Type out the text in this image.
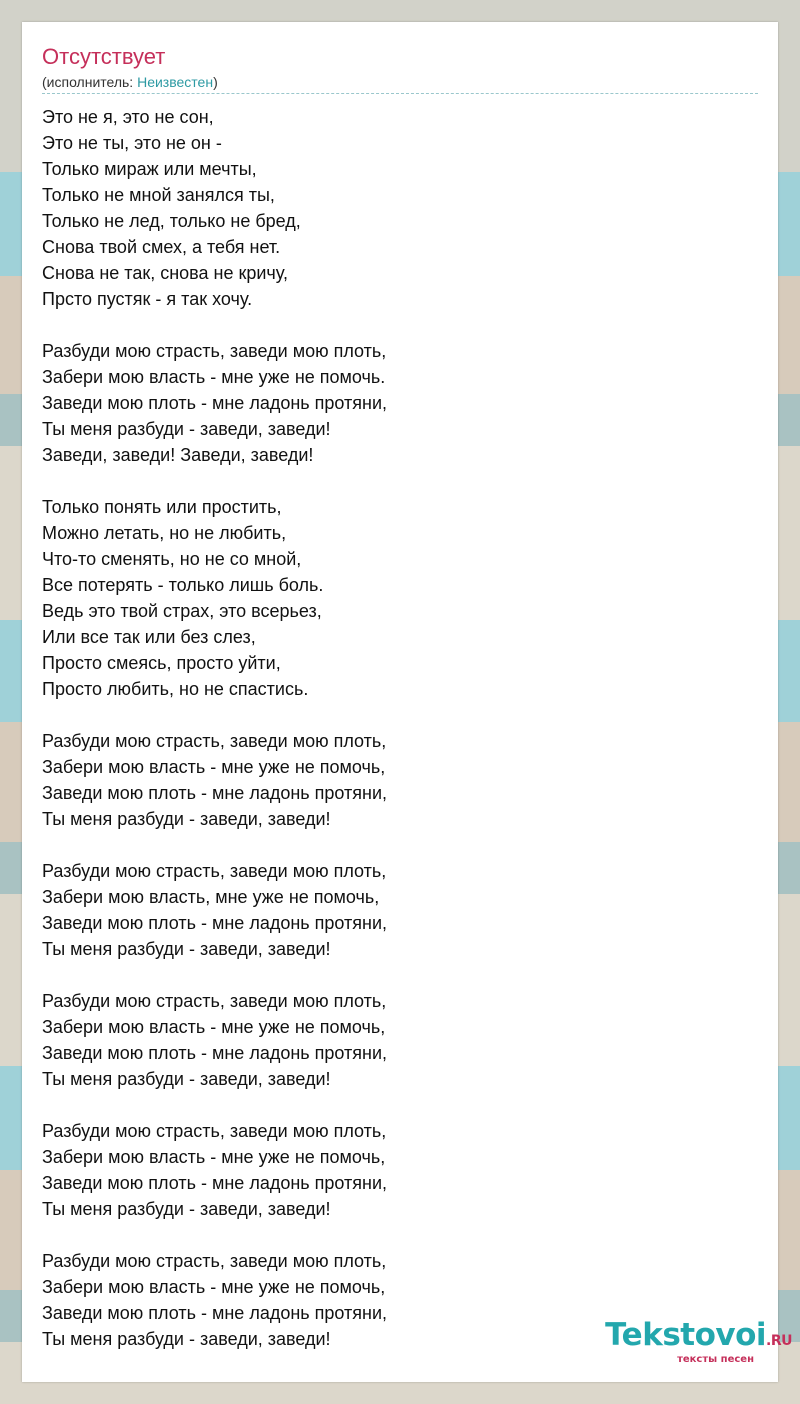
Отсутствует
(исполнитель: Неизвестен)
Это не я, это не сон,
Это не ты, это не он -
Только мираж или мечты,
Только не мной занялся ты,
Только не лед, только не бред,
Снова твой смех, а тебя нет.
Снова не так, снова не кричу,
Прсто пустяк - я так хочу.
Разбуди мою страсть, заведи мою плоть,
Забери мою власть - мне уже не помочь.
Заведи мою плоть - мне ладонь протяни,
Ты меня разбуди - заведи, заведи!
Заведи, заведи! Заведи, заведи!
Только понять или простить,
Можно летать, но не любить,
Что-то сменять, но не со мной,
Все потерять - только лишь боль.
Ведь это твой страх, это всерьез,
Или все так или без слез,
Просто смеясь, просто уйти,
Просто любить, но не спастись.
Разбуди мою страсть, заведи мою плоть,
Забери мою власть - мне уже не помочь,
Заведи мою плоть - мне ладонь протяни,
Ты меня разбуди - заведи, заведи!
Разбуди мою страсть, заведи мою плоть,
Забери мою власть, мне уже не помочь,
Заведи мою плоть - мне ладонь протяни,
Ты меня разбуди - заведи, заведи!
Разбуди мою страсть, заведи мою плоть,
Забери мою власть - мне уже не помочь,
Заведи мою плоть - мне ладонь протяни,
Ты меня разбуди - заведи, заведи!
Разбуди мою страсть, заведи мою плоть,
Забери мою власть - мне уже не помочь,
Заведи мою плоть - мне ладонь протяни,
Ты меня разбуди - заведи, заведи!
Разбуди мою страсть, заведи мою плоть,
Забери мою власть - мне уже не помочь,
Заведи мою плоть - мне ладонь протяни,
Ты меня разбуди - заведи, заведи!	Tekstovoi.RU
тексты песен
